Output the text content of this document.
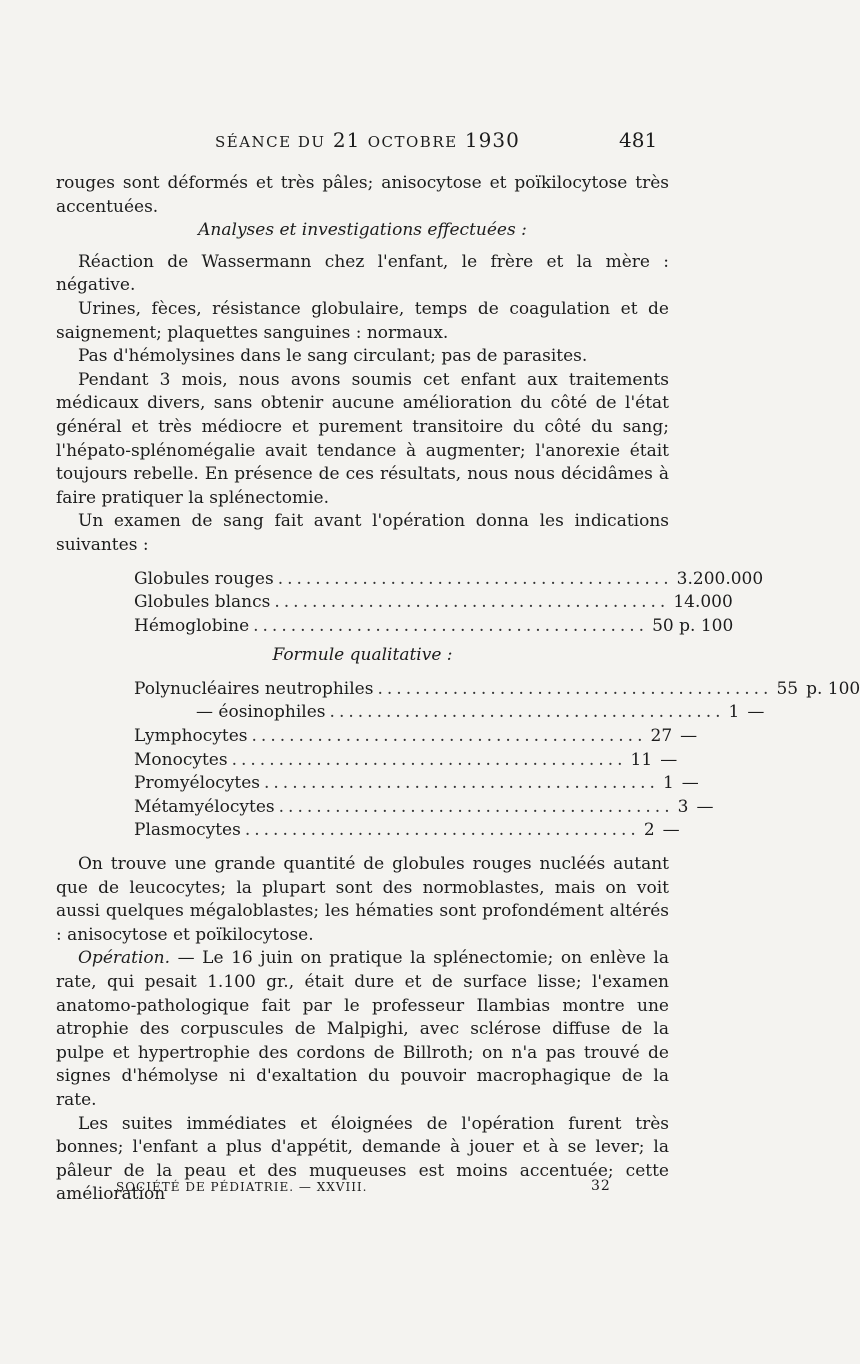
SÉANCE DU 21 OCTOBRE 1930	481

rouges sont déformés et très pâles; anisocytose et poïkilocytose très accentuées.

Analyses et investigations effectuées :

Réaction de Wassermann chez l'enfant, le frère et la mère : négative.

Urines, fèces, résistance globulaire, temps de coagulation et de saignement; plaquettes sanguines : normaux.

Pas d'hémolysines dans le sang circulant; pas de parasites.

Pendant 3 mois, nous avons soumis cet enfant aux traitements médicaux divers, sans obtenir aucune amélioration du côté de l'état général et très médiocre et purement transitoire du côté du sang; l'hépato-splénomégalie avait tendance à augmenter; l'anorexie était toujours rebelle. En présence de ces résultats, nous nous décidâmes à faire pratiquer la splénectomie.

Un examen de sang fait avant l'opération donna les indications suivantes :

Globules rouges .......................................... 3.200.000
Globules blancs .......................................... 14.000
Hémoglobine .......................................... 50 p. 100

Formule qualitative :

Polynucléaires neutrophiles .......................................... 55 p. 100
— éosinophiles .......................................... 1 —
Lymphocytes .......................................... 27 —
Monocytes .......................................... 11 —
Promyélocytes .......................................... 1 —
Métamyélocytes .......................................... 3 —
Plasmocytes .......................................... 2 —

On trouve une grande quantité de globules rouges nucléés autant que de leucocytes; la plupart sont des normoblastes, mais on voit aussi quelques mégaloblastes; les hématies sont profondément altérés : anisocytose et poïkilocytose.

Opération. — Le 16 juin on pratique la splénectomie; on enlève la rate, qui pesait 1.100 gr., était dure et de surface lisse; l'examen anatomo-pathologique fait par le professeur Ilambias montre une atrophie des corpuscules de Malpighi, avec sclérose diffuse de la pulpe et hypertrophie des cordons de Billroth; on n'a pas trouvé de signes d'hémolyse ni d'exaltation du pouvoir macrophagique de la rate.

Les suites immédiates et éloignées de l'opération furent très bonnes; l'enfant a plus d'appétit, demande à jouer et à se lever; la pâleur de la peau et des muqueuses est moins accentuée; cette amélioration

SOCIÉTÉ DE PÉDIATRIE. — XXVIII.	32
